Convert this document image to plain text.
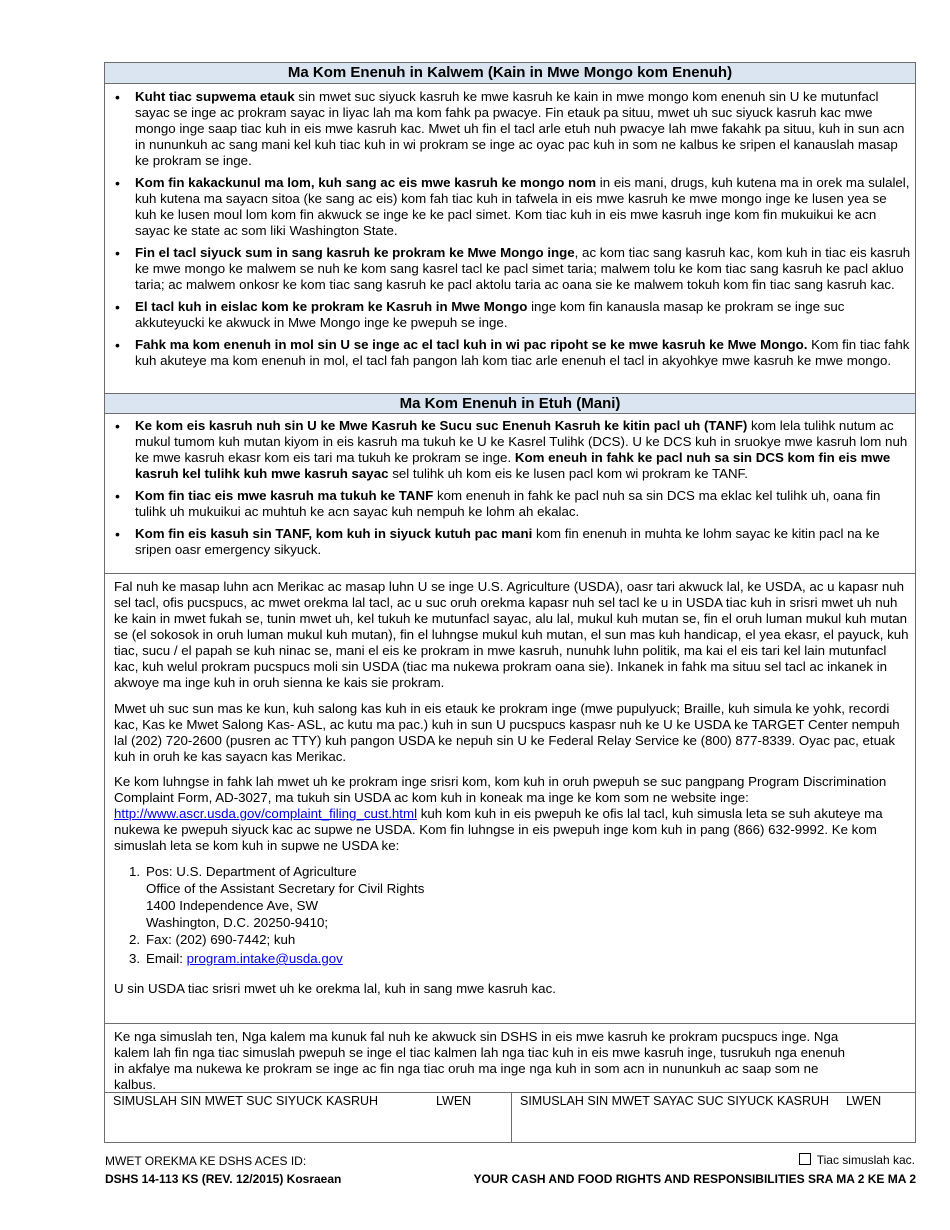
Ma Kom Enenuh in Kalwem (Kain in Mwe Mongo kom Enenuh)
• Kuht tiac supwema etauk sin mwet suc siyuck kasruh ke mwe kasruh ke kain in mwe mongo kom enenuh sin U ke mutunfacl sayac se inge ac prokram sayac in liyac lah ma kom fahk pa pwacye. Fin etauk pa situu, mwet uh suc siyuck kasruh kac mwe mongo inge saap tiac kuh in eis mwe kasruh kac. Mwet uh fin el tacl arle etuh nuh pwacye lah mwe fakahk pa situu, kuh in sun acn in nununkuh ac sang mani kel kuh tiac kuh in wi prokram se inge ac oyac pac kuh in som ne kalbus ke sripen el kanauslah masap ke prokram se inge.
• Kom fin kakackunul ma lom, kuh sang ac eis mwe kasruh ke mongo nom in eis mani, drugs, kuh kutena ma in orek ma sulalel, kuh kutena ma sayacn sitoa (ke sang ac eis) kom fah tiac kuh in tafwela in eis mwe kasruh ke mwe mongo inge ke lusen yea se kuh ke lusen moul lom kom fin akwuck se inge ke ke pacl simet. Kom tiac kuh in eis mwe kasruh inge kom fin mukuikui ke acn sayac ke state ac som liki Washington State.
• Fin el tacl siyuck sum in sang kasruh ke prokram ke Mwe Mongo inge, ac kom tiac sang kasruh kac, kom kuh in tiac eis kasruh ke mwe mongo ke malwem se nuh ke kom sang kasrel tacl ke pacl simet taria; malwem tolu ke kom tiac sang kasruh ke pacl akluo taria; ac malwem onkosr ke kom tiac sang kasruh ke pacl aktolu taria ac oana sie ke malwem tokuh kom fin tiac sang kasruh kac.
• El tacl kuh in eislac kom ke prokram ke Kasruh in Mwe Mongo inge kom fin kanausla masap ke prokram se inge suc akkuteyucki ke akwuck in Mwe Mongo inge ke pwepuh se inge.
• Fahk ma kom enenuh in mol sin U se inge ac el tacl kuh in wi pac ripoht se ke mwe kasruh ke Mwe Mongo. Kom fin tiac fahk kuh akuteye ma kom enenuh in mol, el tacl fah pangon lah kom tiac arle enenuh el tacl in akyohkye mwe kasruh ke mwe mongo.
Ma Kom Enenuh in Etuh (Mani)
• Ke kom eis kasruh nuh sin U ke Mwe Kasruh ke Sucu suc Enenuh Kasruh ke kitin pacl uh (TANF) kom lela tulihk nutum ac mukul tumom kuh mutan kiyom in eis kasruh ma tukuh ke U ke Kasrel Tulihk (DCS). U ke DCS kuh in sruokye mwe kasruh lom nuh ke mwe kasruh ekasr kom eis tari ma tukuh ke prokram se inge. Kom eneuh in fahk ke pacl nuh sa sin DCS kom fin eis mwe kasruh kel tulihk kuh mwe kasruh sayac sel tulihk uh kom eis ke lusen pacl kom wi prokram ke TANF.
• Kom fin tiac eis mwe kasruh ma tukuh ke TANF kom enenuh in fahk ke pacl nuh sa sin DCS ma eklac kel tulihk uh, oana fin tulihk uh mukuikui ac muhtuh ke acn sayac kuh nempuh ke lohm ah ekalac.
• Kom fin eis kasuh sin TANF, kom kuh in siyuck kutuh pac mani kom fin enenuh in muhta ke lohm sayac ke kitin pacl na ke sripen oasr emergency sikyuck.

Fal nuh ke masap luhn acn Merikac ac masap luhn U se inge U.S. Agriculture (USDA), oasr tari akwuck lal, ke USDA, ac u kapasr nuh sel tacl, ofis pucspucs, ac mwet orekma lal tacl, ac u suc oruh orekma kapasr nuh sel tacl ke u in USDA tiac kuh in srisri mwet uh nuh ke kain in mwet fukah se, tunin mwet uh, kel tukuh ke mutunfacl sayac, alu lal, mukul kuh mutan se, fin el oruh luman mukul kuh mutan se (el sokosok in oruh luman mukul kuh mutan), fin el luhngse mukul kuh mutan, el sun mas kuh handicap, el yea ekasr, el payuck, kuh tiac, sucu / el papah se kuh ninac se, mani el eis ke prokram in mwe kasruh, nunuhk luhn politik, ma kai el eis tari kel lain mutunfacl kac, kuh welul prokram pucspucs moli sin USDA (tiac ma nukewa prokram oana sie). Inkanek in fahk ma situu sel tacl ac inkanek in akwoye ma inge kuh in oruh sienna ke kais sie prokram.

Mwet uh suc sun mas ke kun, kuh salong kas kuh in eis etauk ke prokram inge (mwe pupulyuck; Braille, kuh simula ke yohk, recordi kac, Kas ke Mwet Salong Kas- ASL, ac kutu ma pac.) kuh in sun U pucspucs kaspasr nuh ke U ke USDA ke TARGET Center nempuh lal (202) 720-2600 (pusren ac TTY) kuh pangon USDA ke nepuh sin U ke Federal Relay Service ke (800) 877-8339. Oyac pac, etuak kuh in oruh ke kas sayacn kas Merikac.

Ke kom luhngse in fahk lah mwet uh ke prokram inge srisri kom, kom kuh in oruh pwepuh se suc pangpang Program Discrimination Complaint Form, AD-3027, ma tukuh sin USDA ac kom kuh in koneak ma inge ke kom som ne website inge: http://www.ascr.usda.gov/complaint_filing_cust.html kuh kom kuh in eis pwepuh ke ofis lal tacl, kuh simusla leta se suh akuteye ma nukewa ke pwepuh siyuck kac ac supwe ne USDA. Kom fin luhngse in eis pwepuh inge kom kuh in pang (866) 632-9992. Ke kom simuslah leta se kom kuh in supwe ne USDA ke:

1. Pos: U.S. Department of Agriculture
Office of the Assistant Secretary for Civil Rights
1400 Independence Ave, SW
Washington, D.C. 20250-9410;
2. Fax: (202) 690-7442; kuh
3. Email: program.intake@usda.gov

U sin USDA tiac srisri mwet uh ke orekma lal, kuh in sang mwe kasruh kac.

Ke nga simuslah ten, Nga kalem ma kunuk fal nuh ke akwuck sin DSHS in eis mwe kasruh ke prokram pucspucs inge. Nga kalem lah fin nga tiac simuslah pwepuh se inge el tiac kalmen lah nga tiac kuh in eis mwe kasruh inge, tusrukuh nga enenuh in akfalye ma nukewa ke prokram se inge ac fin nga tiac oruh ma inge nga kuh in som acn in nununkuh ac saap som ne kalbus.

SIMUSLAH SIN MWET SUC SIYUCK KASRUH	LWEN	SIMUSLAH SIN MWET SAYAC SUC SIYUCK KASRUH LWEN
MWET OREKMA KE DSHS ACES ID:	Tiac simuslah kac.
DSHS 14-113 KS (REV. 12/2015) Kosraean	YOUR CASH AND FOOD RIGHTS AND RESPONSIBILITIES SRA MA 2 KE MA 2
